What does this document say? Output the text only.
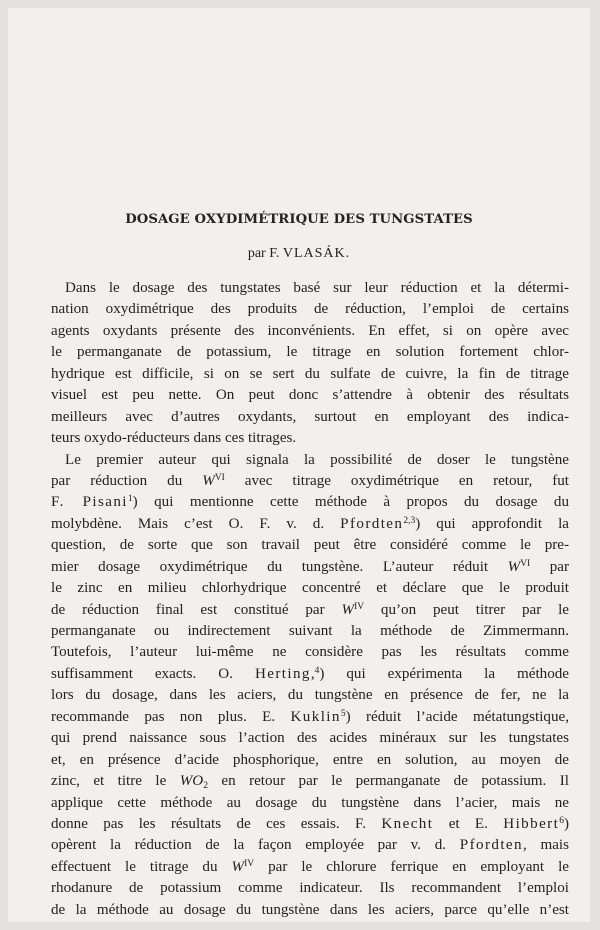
DOSAGE OXYDIMÉTRIQUE DES TUNGSTATES
par F. VLASÁK.
Dans le dosage des tungstates basé sur leur réduction et la détermi-
nation oxydimétrique des produits de réduction, l’emploi de certains
agents oxydants présente des inconvénients. En effet, si on opère avec
le permanganate de potassium, le titrage en solution fortement chlor-
hydrique est difficile, si on se sert du sulfate de cuivre, la fin de titrage
visuel est peu nette. On peut donc s’attendre à obtenir des résultats
meilleurs avec d’autres oxydants, surtout en employant des indica-
teurs oxydo-réducteurs dans ces titrages.
Le premier auteur qui signala la possibilité de doser le tungstène
par réduction du $W^{VI}$ avec titrage oxydimétrique en retour, fut
F. Pisani$^1$) qui mentionne cette méthode à propos du dosage du
molybdène. Mais c’est O. F. v. d. Pfordten$^{2,3}$) qui approfondit la
question, de sorte que son travail peut être considéré comme le pre-
mier dosage oxydimétrique du tungstène. L’auteur réduit $W^{VI}$ par
le zinc en milieu chlorhydrique concentré et déclare que le produit
de réduction final est constitué par $W^{IV}$ qu’on peut titrer par le
permanganate ou indirectement suivant la méthode de Zimmermann.
Toutefois, l’auteur lui-même ne considère pas les résultats comme
suffisamment exacts. O. Herting,$^4$) qui expérimenta la méthode
lors du dosage, dans les aciers, du tungstène en présence de fer, ne la
recommande pas non plus. E. Kuklin$^5$) réduit l’acide métatungstique,
qui prend naissance sous l’action des acides minéraux sur les tungstates
et, en présence d’acide phosphorique, entre en solution, au moyen de
zinc, et titre le $WO_2$ en retour par le permanganate de potassium. Il
applique cette méthode au dosage du tungstène dans l’acier, mais ne
donne pas les résultats de ces essais. F. Knecht et E. Hibbert$^6$)
opèrent la réduction de la façon employée par v. d. Pfordten, mais
effectuent le titrage du $W^{IV}$ par le chlorure ferrique en employant le
rhodanure de potassium comme indicateur. Ils recommandent l’emploi
de la méthode au dosage du tungstène dans les aciers, parce qu’elle n’est
